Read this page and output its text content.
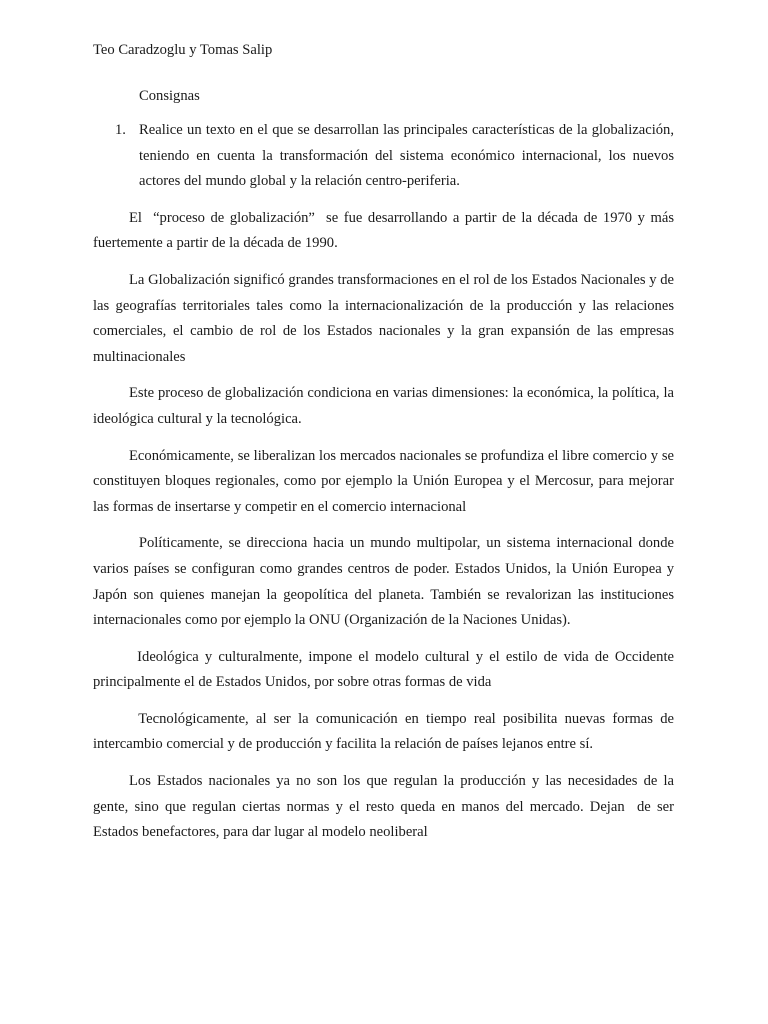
Teo Caradzoglu y Tomas Salip
Consignas
1. Realice un texto en el que se desarrollan las principales características de la globalización, teniendo en cuenta la transformación del sistema económico internacional, los nuevos actores del mundo global y la relación centro-periferia.
El  “proceso de globalización”  se fue desarrollando a partir de la década de 1970 y más fuertemente a partir de la década de 1990.
La Globalización significó grandes transformaciones en el rol de los Estados Nacionales y de las geografías territoriales tales como la internacionalización de la producción y las relaciones comerciales, el cambio de rol de los Estados nacionales y la gran expansión de las empresas multinacionales
Este proceso de globalización condiciona en varias dimensiones: la económica, la política, la ideológica cultural y la tecnológica.
Económicamente, se liberalizan los mercados nacionales se profundiza el libre comercio y se constituyen bloques regionales, como por ejemplo la Unión Europea y el Mercosur, para mejorar las formas de insertarse y competir en el comercio internacional
Políticamente, se direcciona hacia un mundo multipolar, un sistema internacional donde varios países se configuran como grandes centros de poder. Estados Unidos, la Unión Europea y Japón son quienes manejan la geopolítica del planeta. También se revalorizan las instituciones internacionales como por ejemplo la ONU (Organización de la Naciones Unidas).
Ideológica y culturalmente, impone el modelo cultural y el estilo de vida de Occidente principalmente el de Estados Unidos, por sobre otras formas de vida
Tecnológicamente, al ser la comunicación en tiempo real posibilita nuevas formas de intercambio comercial y de producción y facilita la relación de países lejanos entre sí.
Los Estados nacionales ya no son los que regulan la producción y las necesidades de la gente, sino que regulan ciertas normas y el resto queda en manos del mercado. Dejan  de ser Estados benefactores, para dar lugar al modelo neoliberal
